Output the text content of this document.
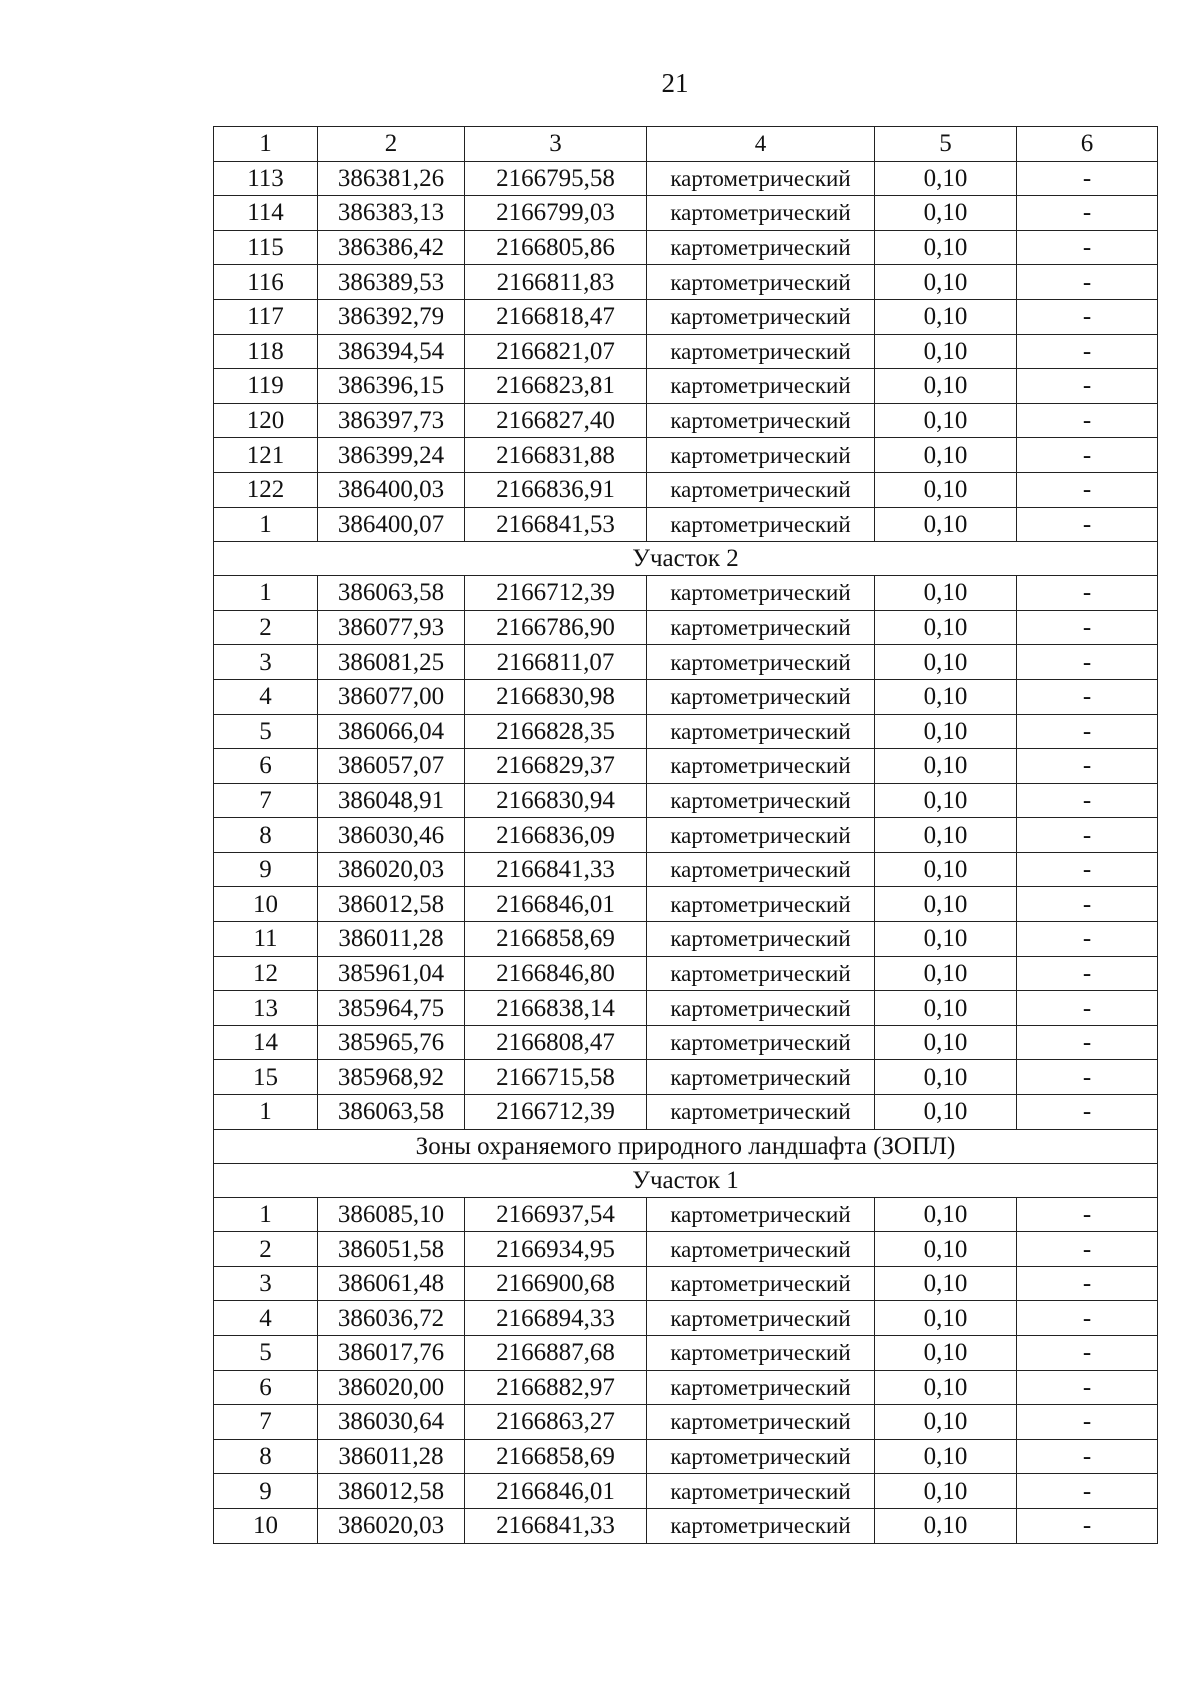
21
1	2	3	4	5	6
113	386381,26	2166795,58	картометрический	0,10	-
114	386383,13	2166799,03	картометрический	0,10	-
115	386386,42	2166805,86	картометрический	0,10	-
116	386389,53	2166811,83	картометрический	0,10	-
117	386392,79	2166818,47	картометрический	0,10	-
118	386394,54	2166821,07	картометрический	0,10	-
119	386396,15	2166823,81	картометрический	0,10	-
120	386397,73	2166827,40	картометрический	0,10	-
121	386399,24	2166831,88	картометрический	0,10	-
122	386400,03	2166836,91	картометрический	0,10	-
1	386400,07	2166841,53	картометрический	0,10	-
Участок 2					
1	386063,58	2166712,39	картометрический	0,10	-
2	386077,93	2166786,90	картометрический	0,10	-
3	386081,25	2166811,07	картометрический	0,10	-
4	386077,00	2166830,98	картометрический	0,10	-
5	386066,04	2166828,35	картометрический	0,10	-
6	386057,07	2166829,37	картометрический	0,10	-
7	386048,91	2166830,94	картометрический	0,10	-
8	386030,46	2166836,09	картометрический	0,10	-
9	386020,03	2166841,33	картометрический	0,10	-
10	386012,58	2166846,01	картометрический	0,10	-
11	386011,28	2166858,69	картометрический	0,10	-
12	385961,04	2166846,80	картометрический	0,10	-
13	385964,75	2166838,14	картометрический	0,10	-
14	385965,76	2166808,47	картометрический	0,10	-
15	385968,92	2166715,58	картометрический	0,10	-
1	386063,58	2166712,39	картометрический	0,10	-
Зоны охраняемого природного ландшафта (ЗОПЛ)					
Участок 1					
1	386085,10	2166937,54	картометрический	0,10	-
2	386051,58	2166934,95	картометрический	0,10	-
3	386061,48	2166900,68	картометрический	0,10	-
4	386036,72	2166894,33	картометрический	0,10	-
5	386017,76	2166887,68	картометрический	0,10	-
6	386020,00	2166882,97	картометрический	0,10	-
7	386030,64	2166863,27	картометрический	0,10	-
8	386011,28	2166858,69	картометрический	0,10	-
9	386012,58	2166846,01	картометрический	0,10	-
10	386020,03	2166841,33	картометрический	0,10	-
